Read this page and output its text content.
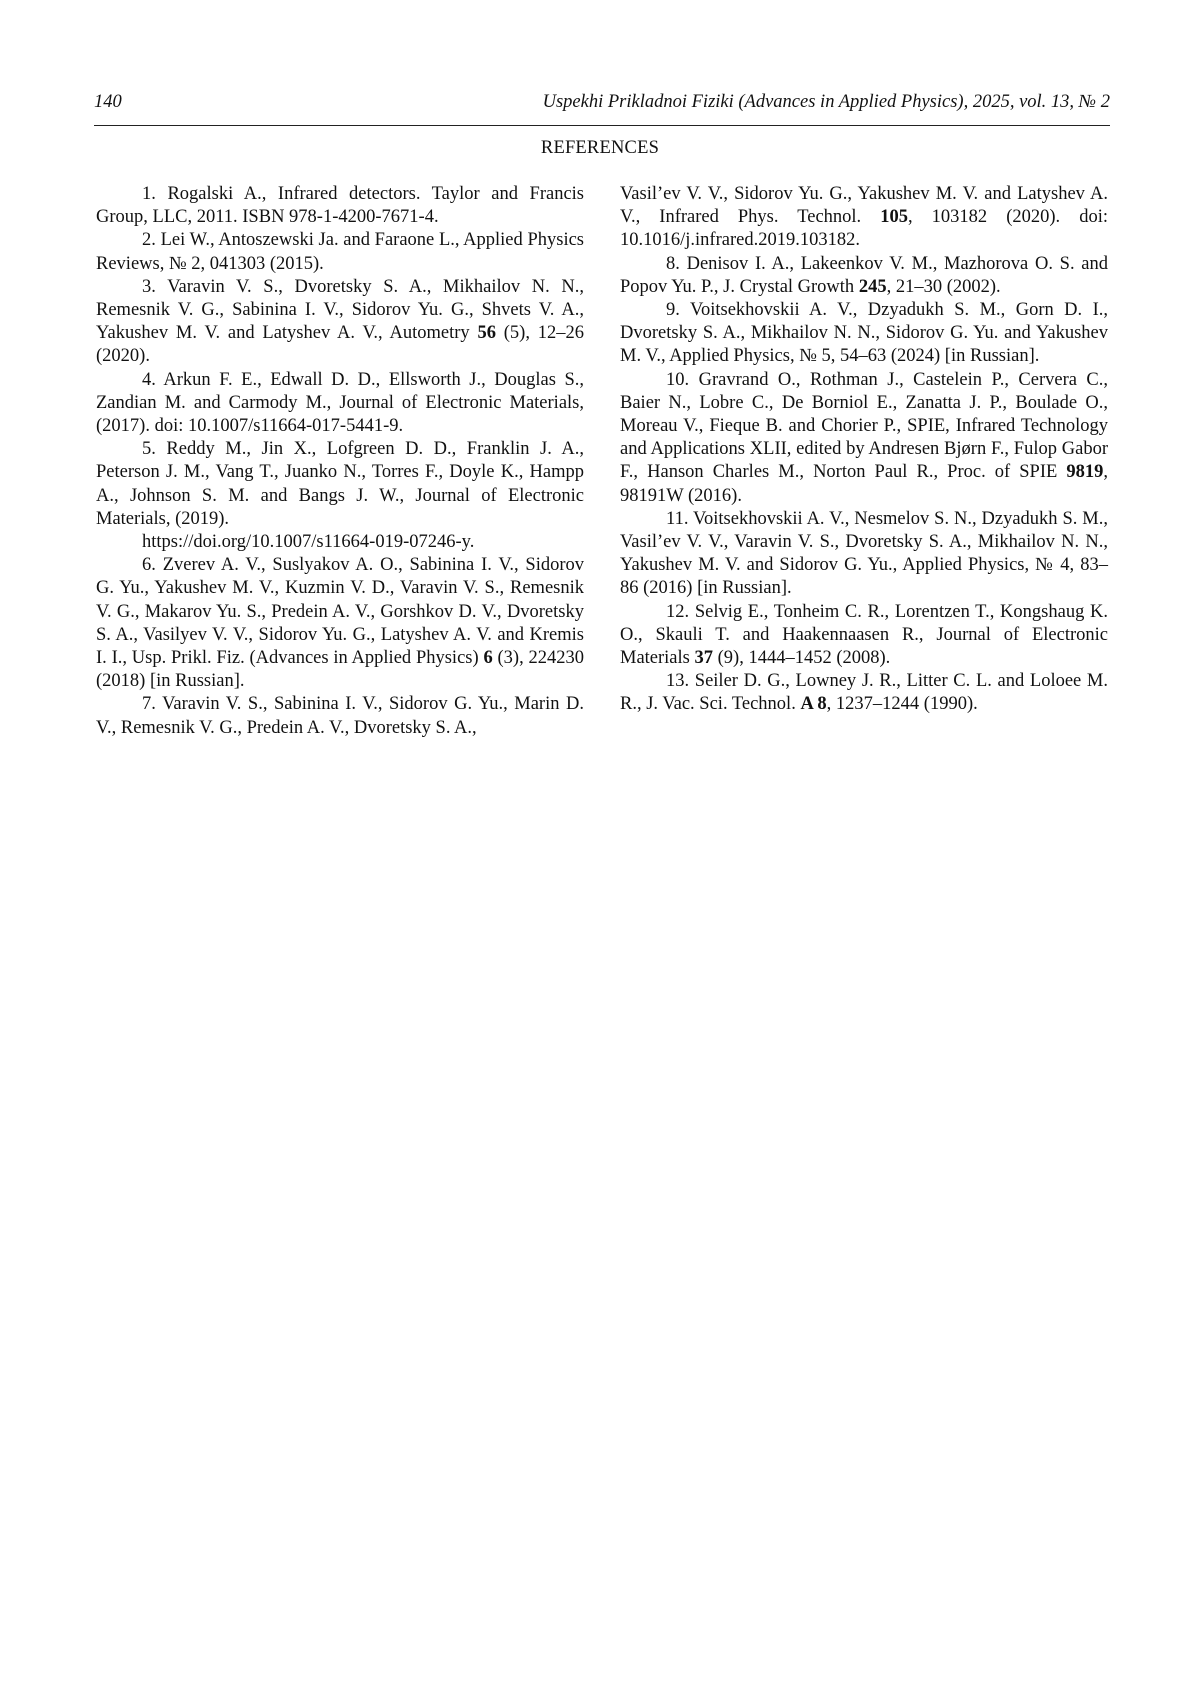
140	Uspekhi Prikladnoi Fiziki (Advances in Applied Physics), 2025, vol. 13, № 2
REFERENCES

1. Rogalski A., Infrared detectors. Taylor and Francis Group, LLC, 2011. ISBN 978-1-4200-7671-4.

2. Lei W., Antoszewski Ja. and Faraone L., Applied Physics Reviews, № 2, 041303 (2015).

3. Varavin V. S., Dvoretsky S. A., Mikhailov N. N., Remesnik V. G., Sabinina I. V., Sidorov Yu. G., Shvets V. A., Yakushev M. V. and Latyshev A. V., Autometry 56 (5), 12–26 (2020).

4. Arkun F. E., Edwall D. D., Ellsworth J., Douglas S., Zandian M. and Carmody M., Journal of Electronic Materials, (2017). doi: 10.1007/s11664-017-5441-9.

5. Reddy M., Jin X., Lofgreen D. D., Franklin J. A., Peterson J. M., Vang T., Juanko N., Torres F., Doyle K., Hampp A., Johnson S. M. and Bangs J. W., Journal of Electronic Materials, (2019).
https://doi.org/10.1007/s11664-019-07246-y.

6. Zverev A. V., Suslyakov A. O., Sabinina I. V., Sidorov G. Yu., Yakushev M. V., Kuzmin V. D., Varavin V. S., Remesnik V. G., Makarov Yu. S., Predein A. V., Gorshkov D. V., Dvoretsky S. A., Vasilyev V. V., Sidorov Yu. G., Latyshev A. V. and Kremis I. I., Usp. Prikl. Fiz. (Advances in Applied Physics) 6 (3), 224230 (2018) [in Russian].

7. Varavin V. S., Sabinina I. V., Sidorov G. Yu., Marin D. V., Remesnik V. G., Predein A. V., Dvoretsky S. A.,

Vasil’ev V. V., Sidorov Yu. G., Yakushev M. V. and Latyshev A. V., Infrared Phys. Technol. 105, 103182 (2020). doi: 10.1016/j.infrared.2019.103182.

8. Denisov I. A., Lakeenkov V. M., Mazhorova O. S. and Popov Yu. P., J. Crystal Growth 245, 21–30 (2002).

9. Voitsekhovskii A. V., Dzyadukh S. M., Gorn D. I., Dvoretsky S. A., Mikhailov N. N., Sidorov G. Yu. and Yakushev M. V., Applied Physics, № 5, 54–63 (2024) [in Russian].

10. Gravrand O., Rothman J., Castelein P., Cervera C., Baier N., Lobre C., De Borniol E., Zanatta J. P., Boulade O., Moreau V., Fieque B. and Chorier P., SPIE, Infrared Technology and Applications XLII, edited by Andresen Bjørn F., Fulop Gabor F., Hanson Charles M., Norton Paul R., Proc. of SPIE 9819, 98191W (2016).

11. Voitsekhovskii A. V., Nesmelov S. N., Dzyadukh S. M., Vasil’ev V. V., Varavin V. S., Dvoretsky S. A., Mikhailov N. N., Yakushev M. V. and Sidorov G. Yu., Applied Physics, № 4, 83–86 (2016) [in Russian].

12. Selvig E., Tonheim C. R., Lorentzen T., Kongshaug K. O., Skauli T. and Haakennaasen R., Journal of Electronic Materials 37 (9), 1444–1452 (2008).

13. Seiler D. G., Lowney J. R., Litter C. L. and Loloee M. R., J. Vac. Sci. Technol. A 8, 1237–1244 (1990).
